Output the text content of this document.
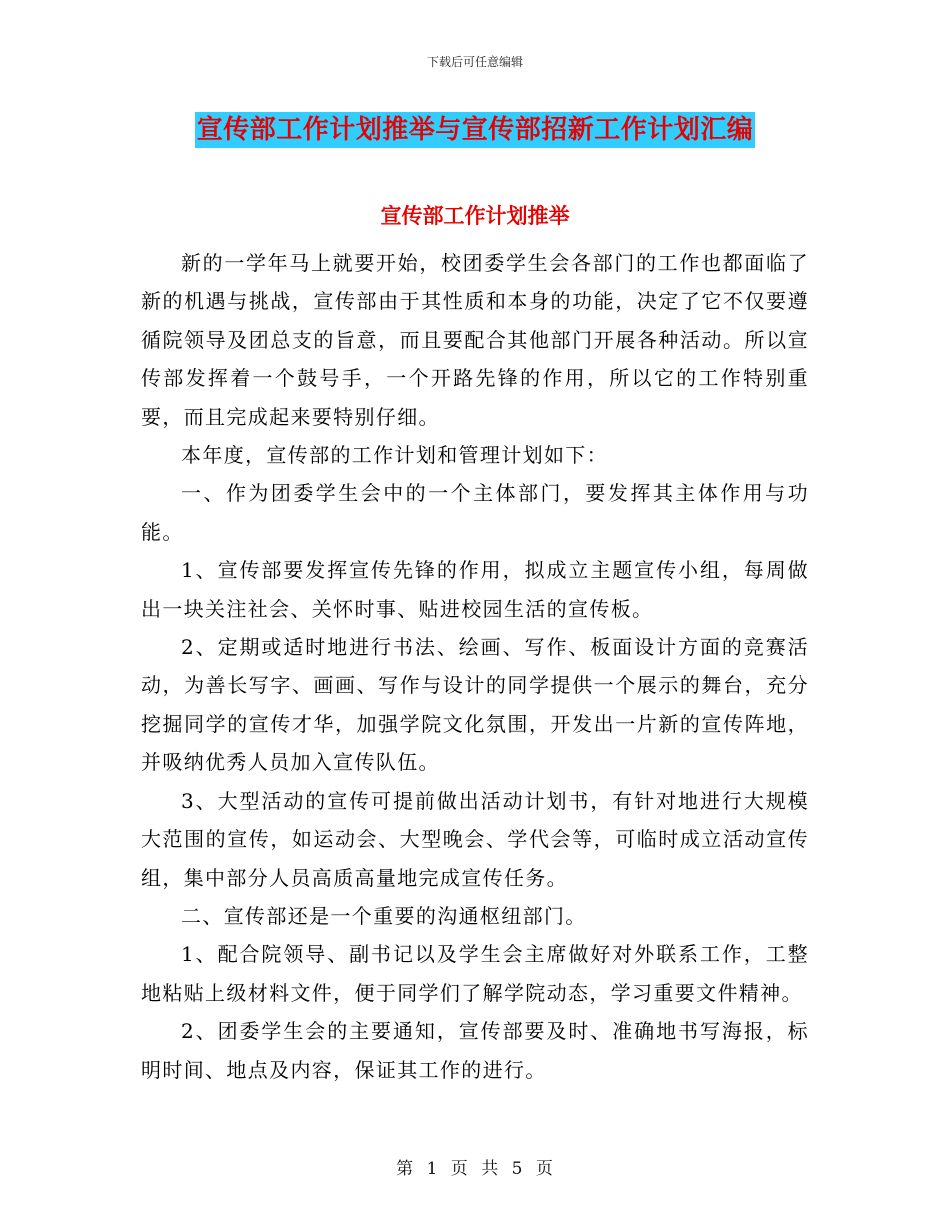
下载后可任意编辑
宣传部工作计划推举与宣传部招新工作计划汇编
宣传部工作计划推举

新的一学年马上就要开始，校团委学生会各部门的工作也都面临了新的机遇与挑战，宣传部由于其性质和本身的功能，决定了它不仅要遵循院领导及团总支的旨意，而且要配合其他部门开展各种活动。所以宣传部发挥着一个鼓号手，一个开路先锋的作用，所以它的工作特别重要，而且完成起来要特别仔细。

本年度，宣传部的工作计划和管理计划如下：

一、作为团委学生会中的一个主体部门，要发挥其主体作用与功能。

1、宣传部要发挥宣传先锋的作用，拟成立主题宣传小组，每周做出一块关注社会、关怀时事、贴进校园生活的宣传板。

2、定期或适时地进行书法、绘画、写作、板面设计方面的竞赛活动，为善长写字、画画、写作与设计的同学提供一个展示的舞台，充分挖掘同学的宣传才华，加强学院文化氛围，开发出一片新的宣传阵地，并吸纳优秀人员加入宣传队伍。

3、大型活动的宣传可提前做出活动计划书，有针对地进行大规模大范围的宣传，如运动会、大型晚会、学代会等，可临时成立活动宣传组，集中部分人员高质高量地完成宣传任务。

二、宣传部还是一个重要的沟通枢纽部门。

1、配合院领导、副书记以及学生会主席做好对外联系工作，工整地粘贴上级材料文件，便于同学们了解学院动态，学习重要文件精神。

2、团委学生会的主要通知，宣传部要及时、准确地书写海报，标明时间、地点及内容，保证其工作的进行。

第 1 页 共 5 页
